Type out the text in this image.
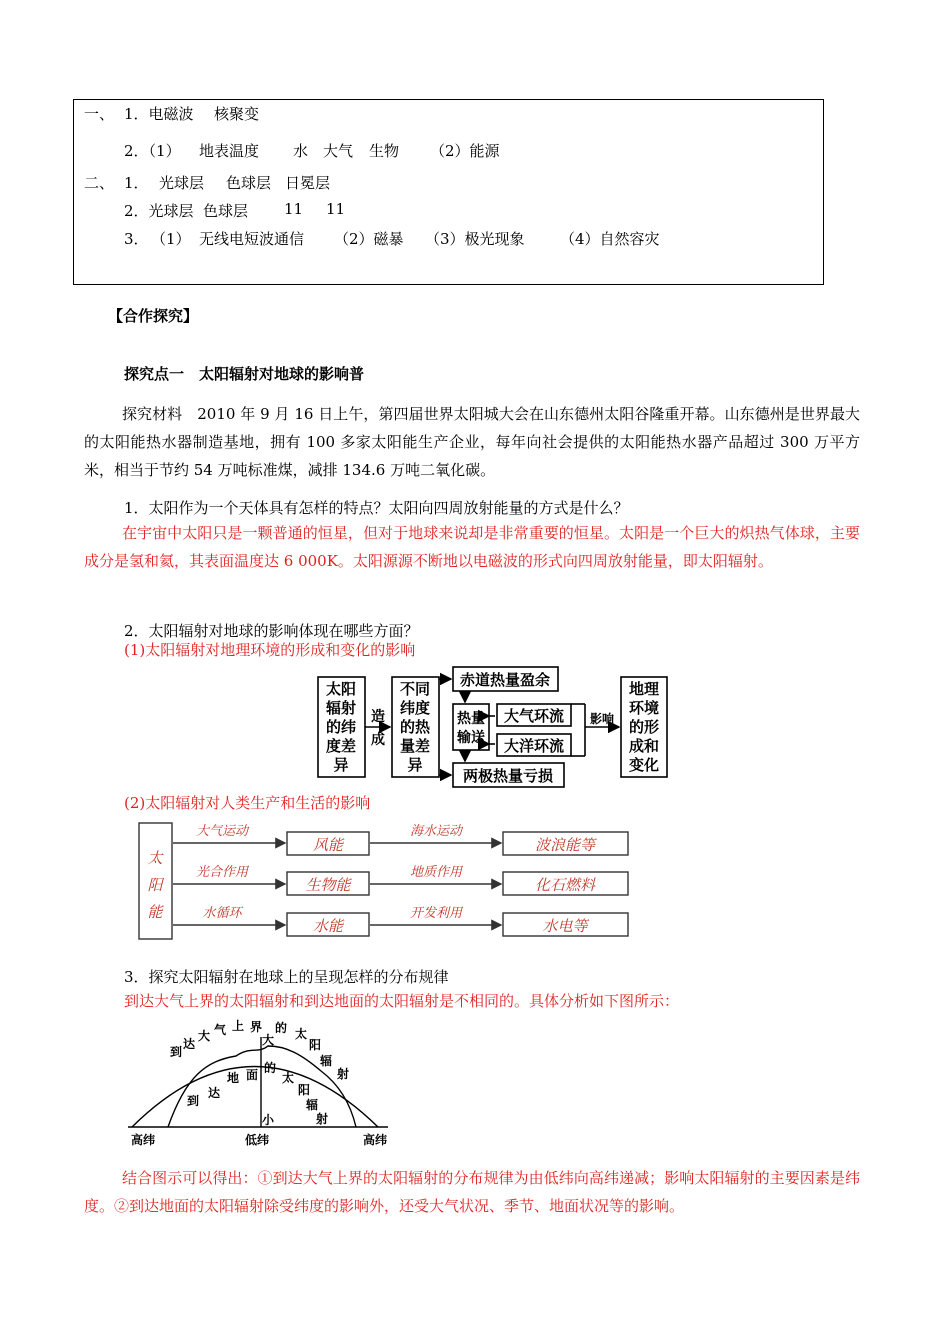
一、 1．电磁波 核聚变
2．（1） 地表温度 水 大气 生物 （2）能源
二、 1． 光球层 色球层 日冕层
2．光球层 色球层 11 11
3． （1） 无线电短波通信 （2）磁暴 （3）极光现象 （4）自然容灾
【合作探究】
探究点一　太阳辐射对地球的影响普
探究材料　2010 年 9 月 16 日上午，第四届世界太阳城大会在山东德州太阳谷隆重开幕。山东德州是世界最大的太阳能热水器制造基地，拥有 100 多家太阳能生产企业，每年向社会提供的太阳能热水器产品超过 300 万平方米，相当于节约 54 万吨标准煤，减排 134.6 万吨二氧化碳。
1．太阳作为一个天体具有怎样的特点？太阳向四周放射能量的方式是什么？
在宇宙中太阳只是一颗普通的恒星，但对于地球来说却是非常重要的恒星。太阳是一个巨大的炽热气体球，主要成分是氢和氦，其表面温度达 6 000K。太阳源源不断地以电磁波的形式向四周放射能量，即太阳辐射。
2．太阳辐射对地球的影响体现在哪些方面？
(1)太阳辐射对地理环境的形成和变化的影响
太阳
辐射
的纬
度差
异
造
成
不同
纬度
的热
量差
异
赤道热量盈余
热量
输送
大气环流
大洋环流
两极热量亏损
影响
地理
环境
的形
成和
变化
(2)太阳辐射对人类生产和生活的影响
太
阳
能
大气运动
风能
海水运动
波浪能等
光合作用
生物能
地质作用
化石燃料
水循环
水能
开发利用
水电等
3．探究太阳辐射在地球上的呈现怎样的分布规律
到达大气上界的太阳辐射和到达地面的太阳辐射是不相同的。具体分析如下图所示：
到
达
大 气 上 界 的 太
阳
辐
射
到
达
地 面 的
太
阳
辐
射
大
小
高纬	低纬	高纬
结合图示可以得出：①到达大气上界的太阳辐射的分布规律为由低纬向高纬递减；影响太阳辐射的主要因素是纬度。②到达地面的太阳辐射除受纬度的影响外，还受大气状况、季节、地面状况等的影响。
